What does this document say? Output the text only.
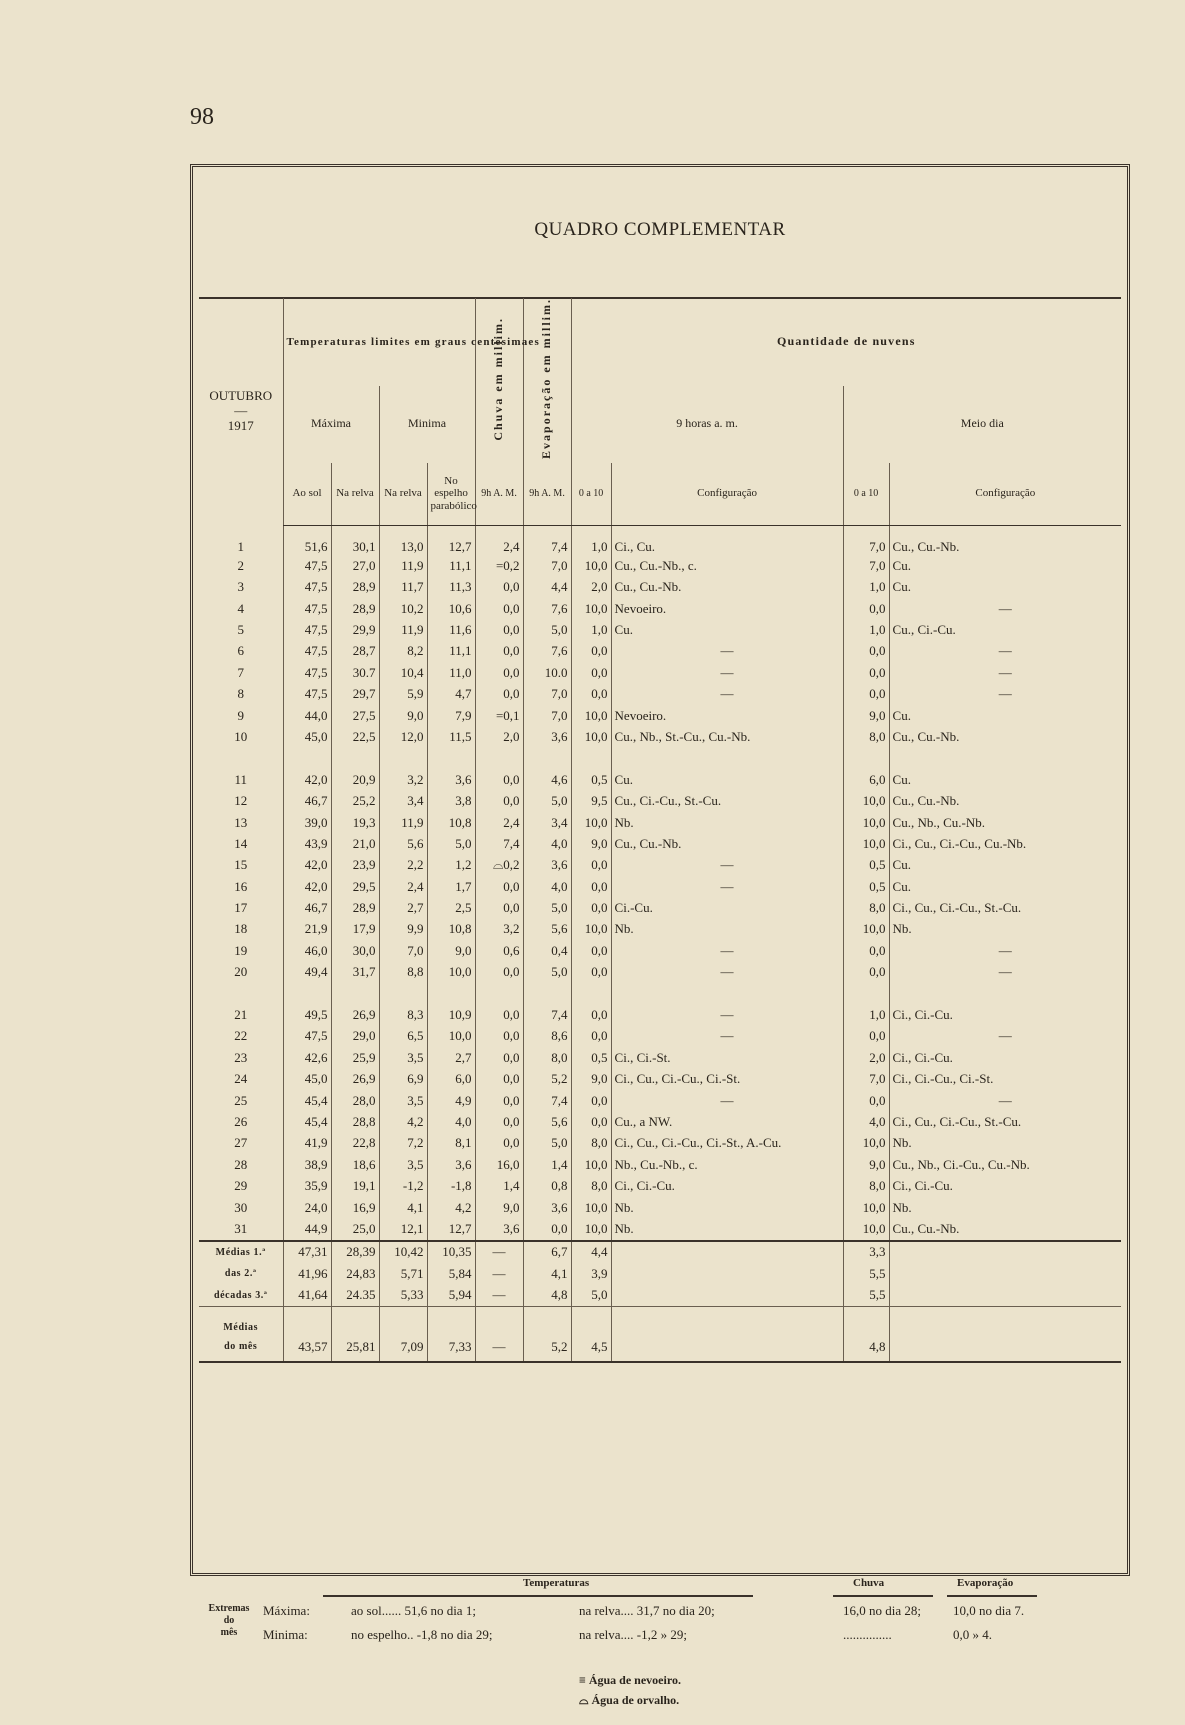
98
QUADRO COMPLEMENTAR
OUTUBRO
—
1917	Temperaturas limites em graus centesimaes				Chuva em millim.	Evaporação em millim.	Quantidade de nuvens			
	Máxima		Minima				9 horas a. m.		Meio dia	
	Ao sol	Na relva	Na relva	No espelho parabólico	9h A. M.	9h A. M.	0 a 10	Configuração	0 a 10	Configuração
1	51,6	30,1	13,0	12,7	2,4	7,4	1,0	Ci., Cu.	7,0	Cu., Cu.-Nb.
2	47,5	27,0	11,9	11,1	=0,2	7,0	10,0	Cu., Cu.-Nb., c.	7,0	Cu.
3	47,5	28,9	11,7	11,3	0,0	4,4	2,0	Cu., Cu.-Nb.	1,0	Cu.
4	47,5	28,9	10,2	10,6	0,0	7,6	10,0	Nevoeiro.	0,0	—
5	47,5	29,9	11,9	11,6	0,0	5,0	1,0	Cu.	1,0	Cu., Ci.-Cu.
6	47,5	28,7	8,2	11,1	0,0	7,6	0,0	—	0,0	—
7	47,5	30.7	10,4	11,0	0,0	10.0	0,0	—	0,0	—
8	47,5	29,7	5,9	4,7	0,0	7,0	0,0	—	0,0	—
9	44,0	27,5	9,0	7,9	=0,1	7,0	10,0	Nevoeiro.	9,0	Cu.
10	45,0	22,5	12,0	11,5	2,0	3,6	10,0	Cu., Nb., St.-Cu., Cu.-Nb.	8,0	Cu., Cu.-Nb.

11	42,0	20,9	3,2	3,6	0,0	4,6	0,5	Cu.	6,0	Cu.
12	46,7	25,2	3,4	3,8	0,0	5,0	9,5	Cu., Ci.-Cu., St.-Cu.	10,0	Cu., Cu.-Nb.
13	39,0	19,3	11,9	10,8	2,4	3,4	10,0	Nb.	10,0	Cu., Nb., Cu.-Nb.
14	43,9	21,0	5,6	5,0	7,4	4,0	9,0	Cu., Cu.-Nb.	10,0	Ci., Cu., Ci.-Cu., Cu.-Nb.
15	42,0	23,9	2,2	1,2	⌓0,2	3,6	0,0	—	0,5	Cu.
16	42,0	29,5	2,4	1,7	0,0	4,0	0,0	—	0,5	Cu.
17	46,7	28,9	2,7	2,5	0,0	5,0	0,0	Ci.-Cu.	8,0	Ci., Cu., Ci.-Cu., St.-Cu.
18	21,9	17,9	9,9	10,8	3,2	5,6	10,0	Nb.	10,0	Nb.
19	46,0	30,0	7,0	9,0	0,6	0,4	0,0	—	0,0	—
20	49,4	31,7	8,8	10,0	0,0	5,0	0,0	—	0,0	—

21	49,5	26,9	8,3	10,9	0,0	7,4	0,0	—	1,0	Ci., Ci.-Cu.
22	47,5	29,0	6,5	10,0	0,0	8,6	0,0	—	0,0	—
23	42,6	25,9	3,5	2,7	0,0	8,0	0,5	Ci., Ci.-St.	2,0	Ci., Ci.-Cu.
24	45,0	26,9	6,9	6,0	0,0	5,2	9,0	Ci., Cu., Ci.-Cu., Ci.-St.	7,0	Ci., Ci.-Cu., Ci.-St.
25	45,4	28,0	3,5	4,9	0,0	7,4	0,0	—	0,0	—
26	45,4	28,8	4,2	4,0	0,0	5,6	0,0	Cu., a NW.	4,0	Ci., Cu., Ci.-Cu., St.-Cu.
27	41,9	22,8	7,2	8,1	0,0	5,0	8,0	Ci., Cu., Ci.-Cu., Ci.-St., A.-Cu.	10,0	Nb.
28	38,9	18,6	3,5	3,6	16,0	1,4	10,0	Nb., Cu.-Nb., c.	9,0	Cu., Nb., Ci.-Cu., Cu.-Nb.
29	35,9	19,1	-1,2	-1,8	1,4	0,8	8,0	Ci., Ci.-Cu.	8,0	Ci., Ci.-Cu.
30	24,0	16,9	4,1	4,2	9,0	3,6	10,0	Nb.	10,0	Nb.
31	44,9	25,0	12,1	12,7	3,6	0,0	10,0	Nb.	10,0	Cu., Cu.-Nb.
Médias 1.ª	47,31	28,39	10,42	10,35	—	6,7	4,4		3,3	
das 2.ª	41,96	24,83	5,71	5,84	—	4,1	3,9		5,5	
décadas 3.ª	41,64	24.35	5,33	5,94	—	4,8	5,0		5,5	
Médias										
do mês	43,57	25,81	7,09	7,33	—	5,2	4,5		4,8	
Temperaturas	Chuva	Evaporação
Extremas
do
mês
Máxima:
Minima:
ao sol...... 51,6 no dia 1;	na relva.... 31,7 no dia 20;	16,0 no dia 28; 10,0 no dia 7.
no espelho.. -1,8 no dia 29;	na relva.... -1,2 » 29;	...............	0,0 » 4.
≡ Água de nevoeiro.
⌓ Água de orvalho.
